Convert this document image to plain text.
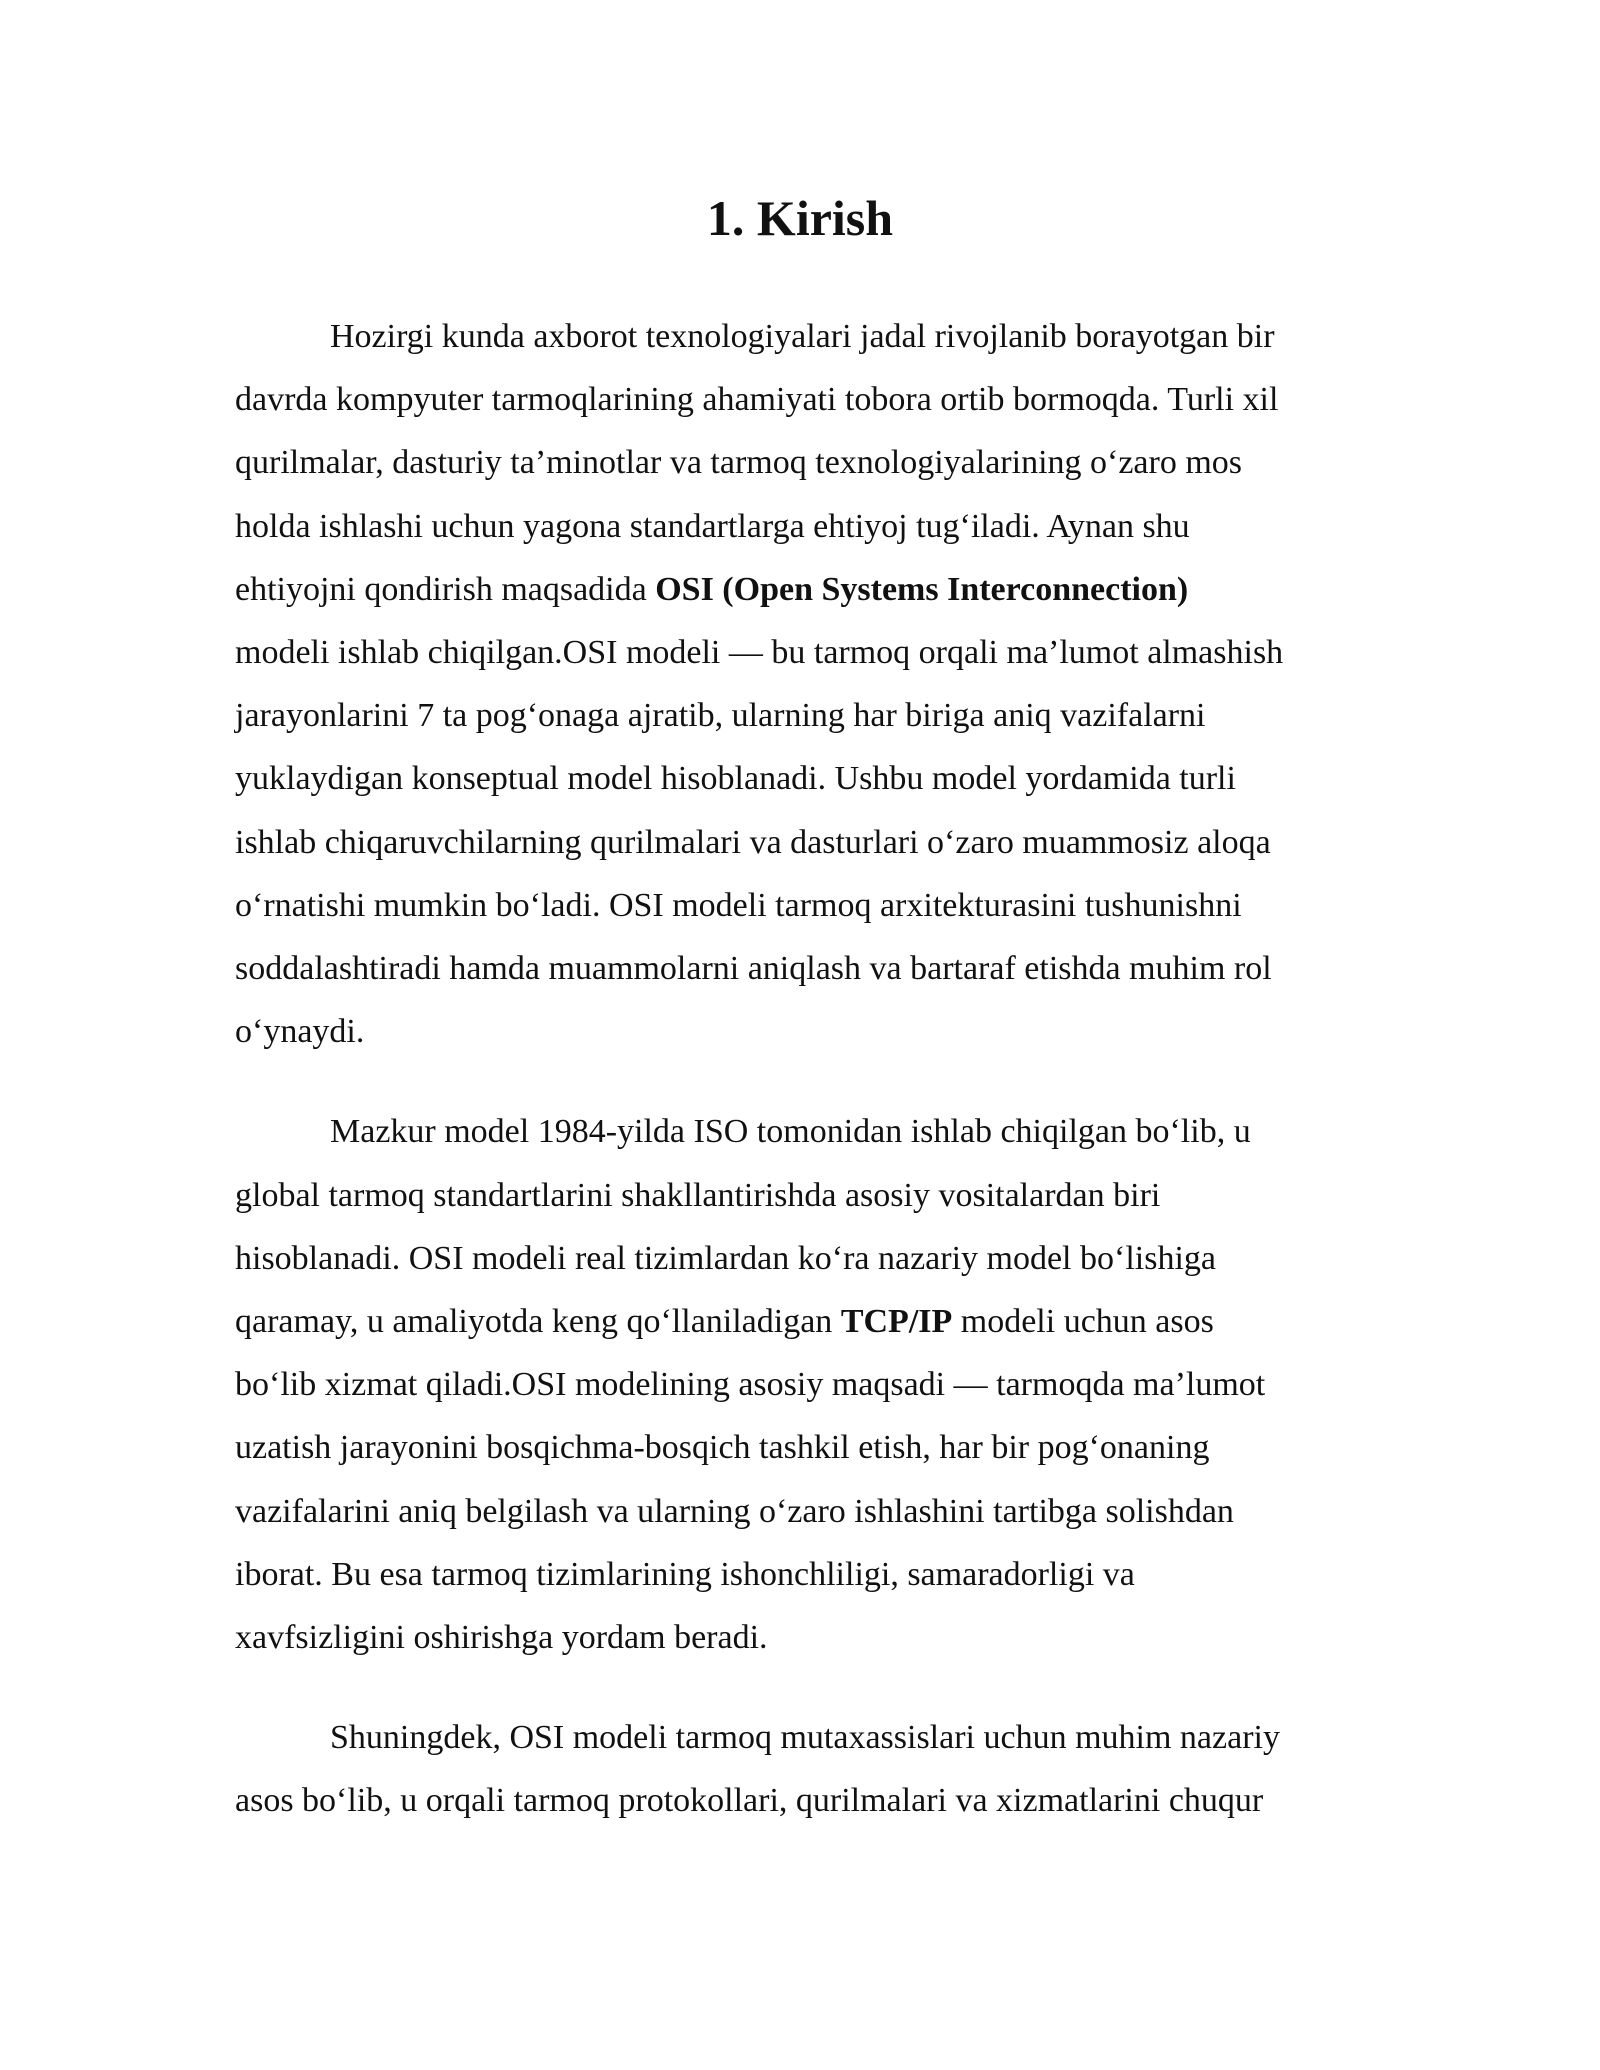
1. Kirish

Hozirgi kunda axborot texnologiyalari jadal rivojlanib borayotgan bir
davrda kompyuter tarmoqlarining ahamiyati tobora ortib bormoqda. Turli xil
qurilmalar, dasturiy ta’minotlar va tarmoq texnologiyalarining o‘zaro mos
holda ishlashi uchun yagona standartlarga ehtiyoj tug‘iladi. Aynan shu
ehtiyojni qondirish maqsadida OSI (Open Systems Interconnection)
modeli ishlab chiqilgan.OSI modeli — bu tarmoq orqali ma’lumot almashish
jarayonlarini 7 ta pog‘onaga ajratib, ularning har biriga aniq vazifalarni
yuklaydigan konseptual model hisoblanadi. Ushbu model yordamida turli
ishlab chiqaruvchilarning qurilmalari va dasturlari o‘zaro muammosiz aloqa
o‘rnatishi mumkin bo‘ladi. OSI modeli tarmoq arxitekturasini tushunishni
soddalashtiradi hamda muammolarni aniqlash va bartaraf etishda muhim rol
o‘ynaydi.

Mazkur model 1984-yilda ISO tomonidan ishlab chiqilgan bo‘lib, u
global tarmoq standartlarini shakllantirishda asosiy vositalardan biri
hisoblanadi. OSI modeli real tizimlardan ko‘ra nazariy model bo‘lishiga
qaramay, u amaliyotda keng qo‘llaniladigan TCP/IP modeli uchun asos
bo‘lib xizmat qiladi.OSI modelining asosiy maqsadi — tarmoqda ma’lumot
uzatish jarayonini bosqichma-bosqich tashkil etish, har bir pog‘onaning
vazifalarini aniq belgilash va ularning o‘zaro ishlashini tartibga solishdan
iborat. Bu esa tarmoq tizimlarining ishonchliligi, samaradorligi va
xavfsizligini oshirishga yordam beradi.

Shuningdek, OSI modeli tarmoq mutaxassislari uchun muhim nazariy
asos bo‘lib, u orqali tarmoq protokollari, qurilmalari va xizmatlarini chuqur
